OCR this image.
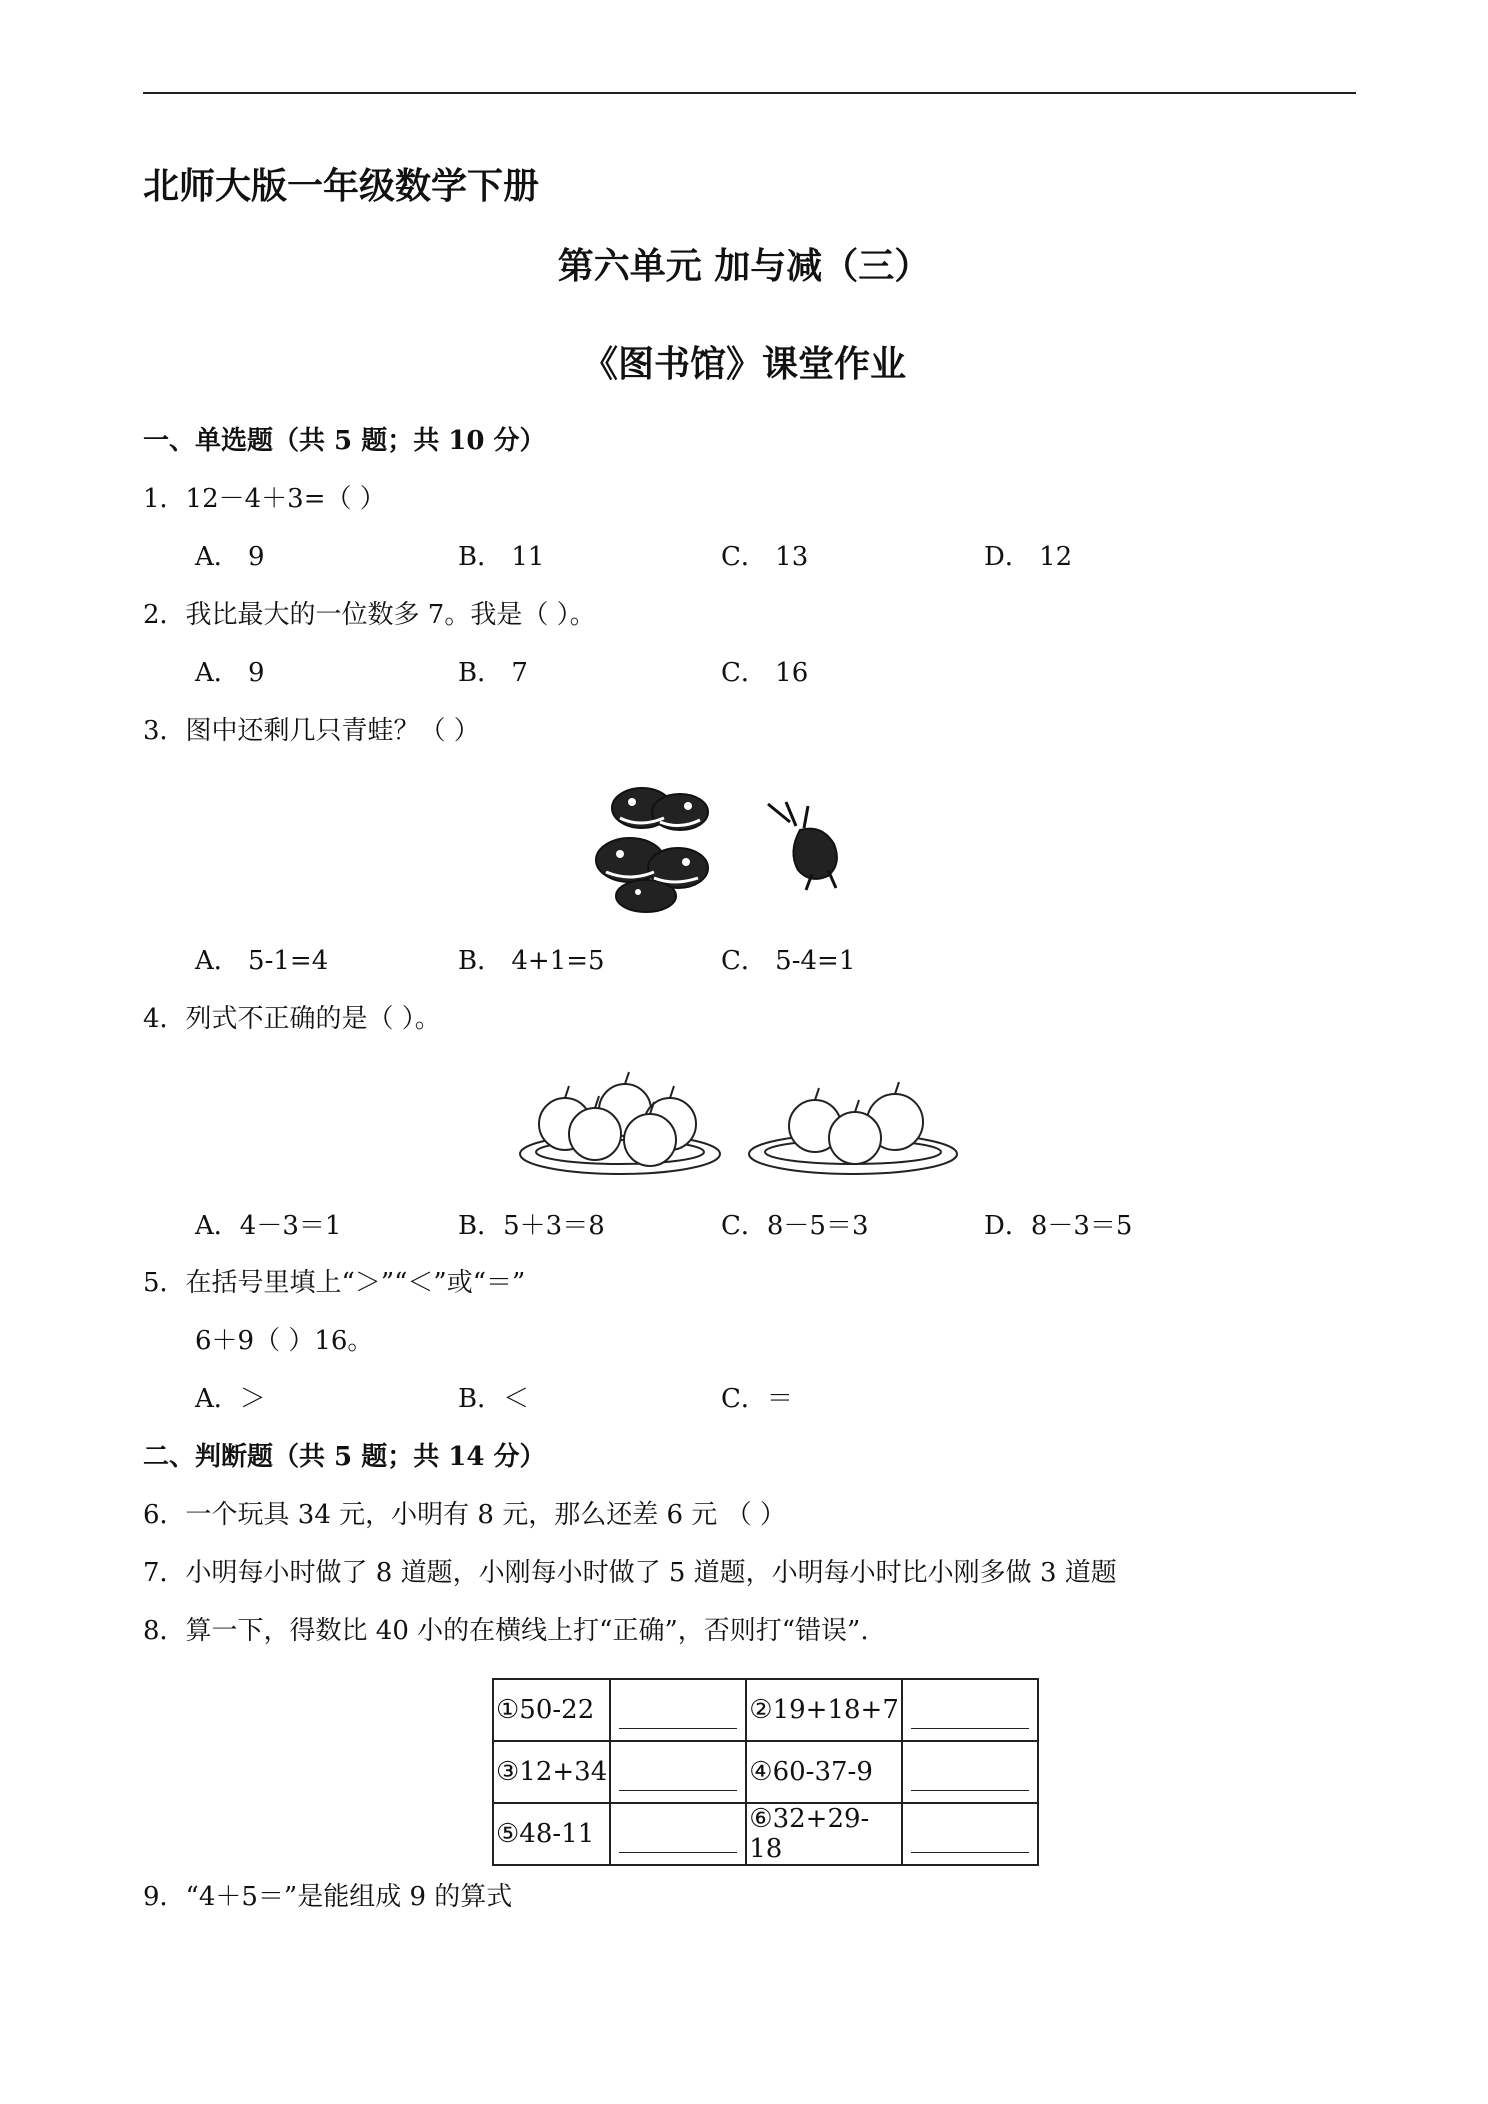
北师大版一年级数学下册
第六单元 加与减（三）
《图书馆》课堂作业
一、单选题（共 5 题；共 10 分）
1．12－4＋3=（ ）
A． 9	B． 11	C． 13	D． 12
2．我比最大的一位数多 7。我是（ ）。
A． 9	B． 7	C． 16
3．图中还剩几只青蛙？（ ）
A． 5-1=4	B． 4+1=5	C． 5-4=1
4．列式不正确的是（ ）。
A．4－3＝1	B．5＋3＝8	C．8－5＝3	D．8－3＝5
5．在括号里填上“＞”“＜”或“＝”
6＋9（ ）16。
A．＞	B．＜	C．＝
二、判断题（共 5 题；共 14 分）
6．一个玩具 34 元，小明有 8 元，那么还差 6 元 （ ）
7．小明每小时做了 8 道题，小刚每小时做了 5 道题，小明每小时比小刚多做 3 道题
8．算一下，得数比 40 小的在横线上打“正确”，否则打“错误”.
①50-22		②19+18+7	

③12+34		④60-37-9	

⑤48-11		⑥32+29-18	
9．“4＋5＝”是能组成 9 的算式
